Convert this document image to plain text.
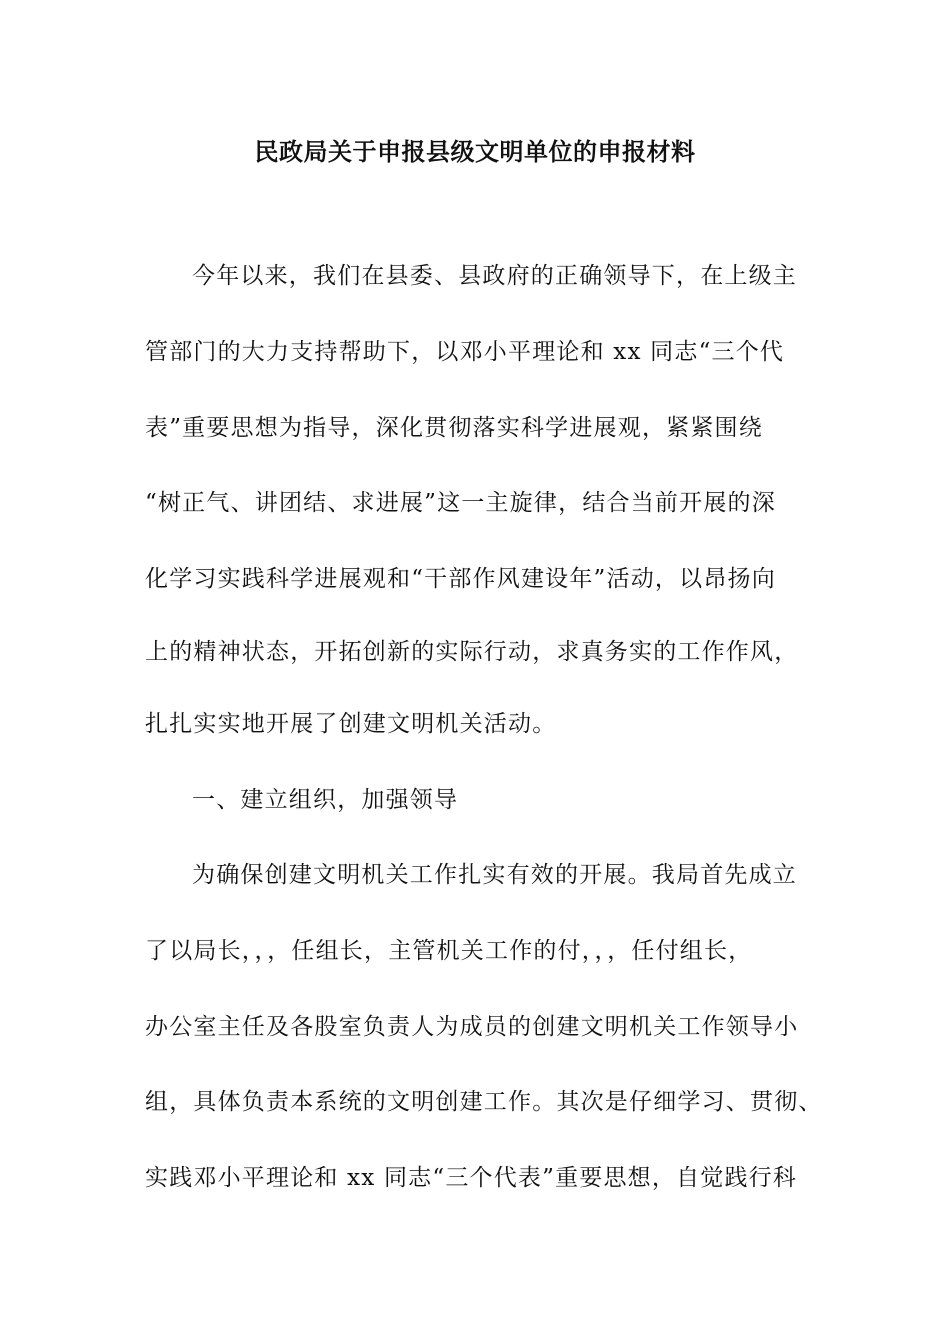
民政局关于申报县级文明单位的申报材料
今年以来，我们在县委、县政府的正确领导下，在上级主
管部门的大力支持帮助下，以邓小平理论和 xx 同志“三个代
表”重要思想为指导，深化贯彻落实科学进展观，紧紧围绕
“树正气、讲团结、求进展”这一主旋律，结合当前开展的深
化学习实践科学进展观和“干部作风建设年”活动，以昂扬向
上的精神状态，开拓创新的实际行动，求真务实的工作作风，
扎扎实实地开展了创建文明机关活动。
一、建立组织，加强领导
为确保创建文明机关工作扎实有效的开展。我局首先成立
了以局长，，，任组长，主管机关工作的付，，，任付组长，
办公室主任及各股室负责人为成员的创建文明机关工作领导小
组，具体负责本系统的文明创建工作。其次是仔细学习、贯彻、
实践邓小平理论和 xx 同志“三个代表”重要思想，自觉践行科
